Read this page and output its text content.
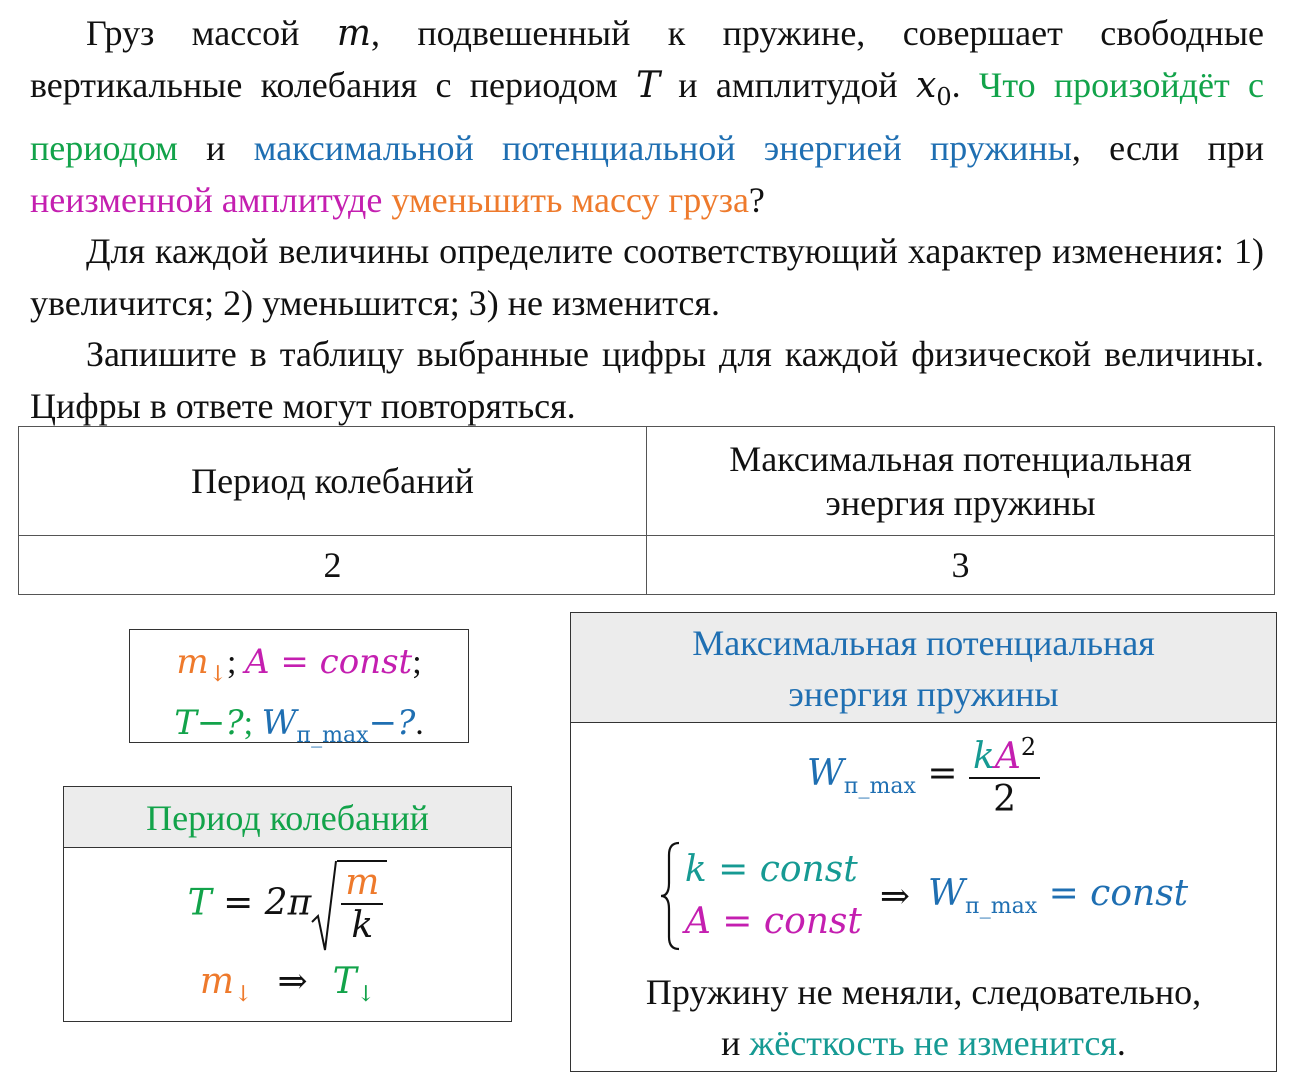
Груз массой m, подвешенный к пружине, совершает свободные вертикальные колебания с периодом T и амплитудой $x_0$. Что произойдёт с периодом и максимальной потенциальной энергией пружины, если при неизменной амплитуде уменьшить массу груза?

Для каждой величины определите соответствующий характер изменения: 1) увеличится; 2) уменьшится; 3) не изменится.

Запишите в таблицу выбранные цифры для каждой физической величины. Цифры в ответе могут повторяться.

Период колебаний	Максимальная потенциальная
энергия пружины
2	3
$m_↓$; A = const;
T−?; $W_{п\_max}-$?.
Период колебаний
$T = 2\pi \frac{m}{k}$
$m_↓$ ⇒ $T_↓$
Максимальная потенциальная
энергия пружины
$W_{п\_max} = \frac{kA^2}{2}$
k = const
A = const
⇒ $W_{п\_max}$ = const
Пружину не меняли, следовательно,
и жёсткость не изменится.
